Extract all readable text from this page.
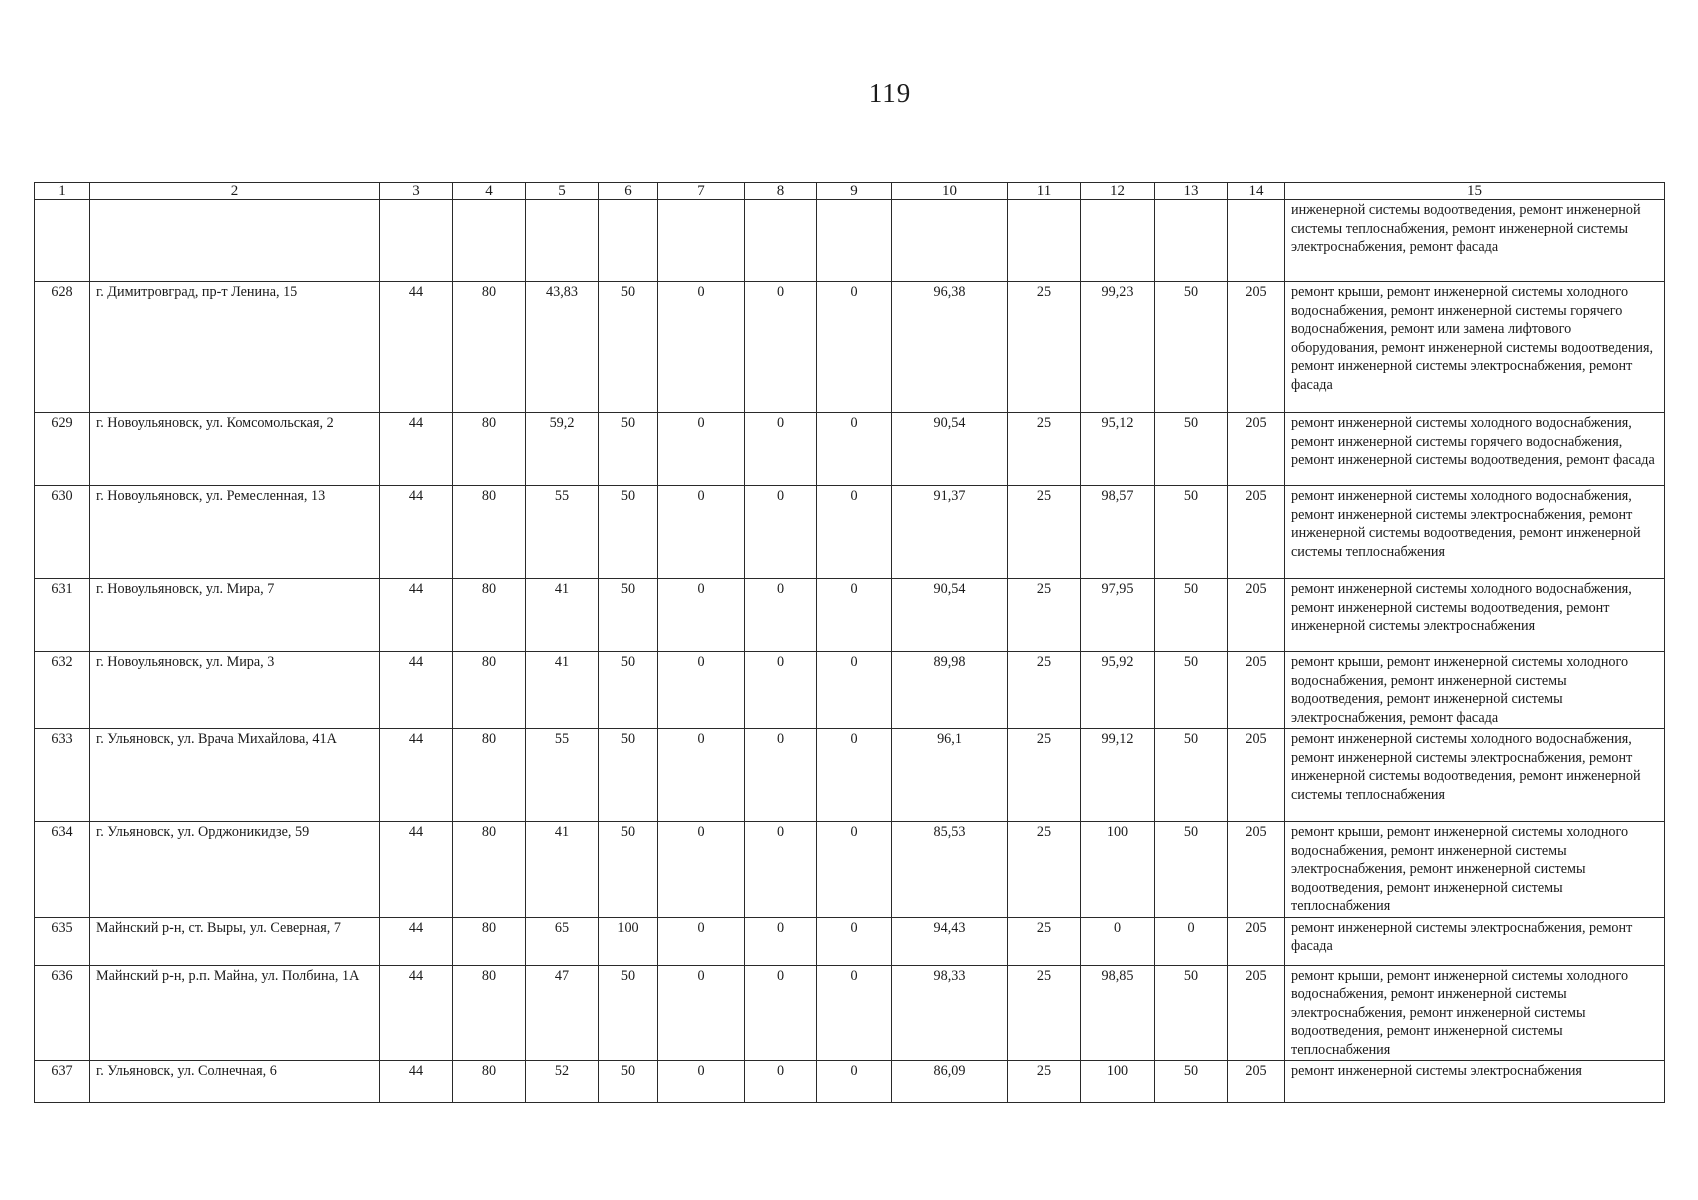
119
1	2	3	4	5	6	7	8	9	10	11	12	13	14	15
														инженерной системы водоотведения, ремонт инженерной системы теплоснабжения, ремонт инженерной системы электроснабжения, ремонт фасада
628	г. Димитровград, пр-т Ленина, 15	44	80	43,83	50	0	0	0	96,38	25	99,23	50	205	ремонт крыши, ремонт инженерной системы холодного водоснабжения, ремонт инженерной системы горячего водоснабжения, ремонт или замена лифтового оборудования, ремонт инженерной системы водоотведения, ремонт инженерной системы электроснабжения, ремонт фасада
629	г. Новоульяновск, ул. Комсомольская, 2	44	80	59,2	50	0	0	0	90,54	25	95,12	50	205	ремонт инженерной системы холодного водоснабжения, ремонт инженерной системы горячего водоснабжения, ремонт инженерной системы водоотведения, ремонт фасада
630	г. Новоульяновск, ул. Ремесленная, 13	44	80	55	50	0	0	0	91,37	25	98,57	50	205	ремонт инженерной системы холодного водоснабжения, ремонт инженерной системы электроснабжения, ремонт инженерной системы водоотведения, ремонт инженерной системы теплоснабжения
631	г. Новоульяновск, ул. Мира, 7	44	80	41	50	0	0	0	90,54	25	97,95	50	205	ремонт инженерной системы холодного водоснабжения, ремонт инженерной системы водоотведения, ремонт инженерной системы электроснабжения
632	г. Новоульяновск, ул. Мира, 3	44	80	41	50	0	0	0	89,98	25	95,92	50	205	ремонт крыши, ремонт инженерной системы холодного водоснабжения, ремонт инженерной системы водоотведения, ремонт инженерной системы электроснабжения, ремонт фасада
633	г. Ульяновск, ул. Врача Михайлова, 41А	44	80	55	50	0	0	0	96,1	25	99,12	50	205	ремонт инженерной системы холодного водоснабжения, ремонт инженерной системы электроснабжения, ремонт инженерной системы водоотведения, ремонт инженерной системы теплоснабжения
634	г. Ульяновск, ул. Орджоникидзе, 59	44	80	41	50	0	0	0	85,53	25	100	50	205	ремонт крыши, ремонт инженерной системы холодного водоснабжения, ремонт инженерной системы электроснабжения, ремонт инженерной системы водоотведения, ремонт инженерной системы теплоснабжения
635	Майнский р-н, ст. Выры, ул. Северная, 7	44	80	65	100	0	0	0	94,43	25	0	0	205	ремонт инженерной системы электроснабжения, ремонт фасада
636	Майнский р-н, р.п. Майна, ул. Полбина, 1А	44	80	47	50	0	0	0	98,33	25	98,85	50	205	ремонт крыши, ремонт инженерной системы холодного водоснабжения, ремонт инженерной системы электроснабжения, ремонт инженерной системы водоотведения, ремонт инженерной системы теплоснабжения
637	г. Ульяновск, ул. Солнечная, 6	44	80	52	50	0	0	0	86,09	25	100	50	205	ремонт инженерной системы электроснабжения
